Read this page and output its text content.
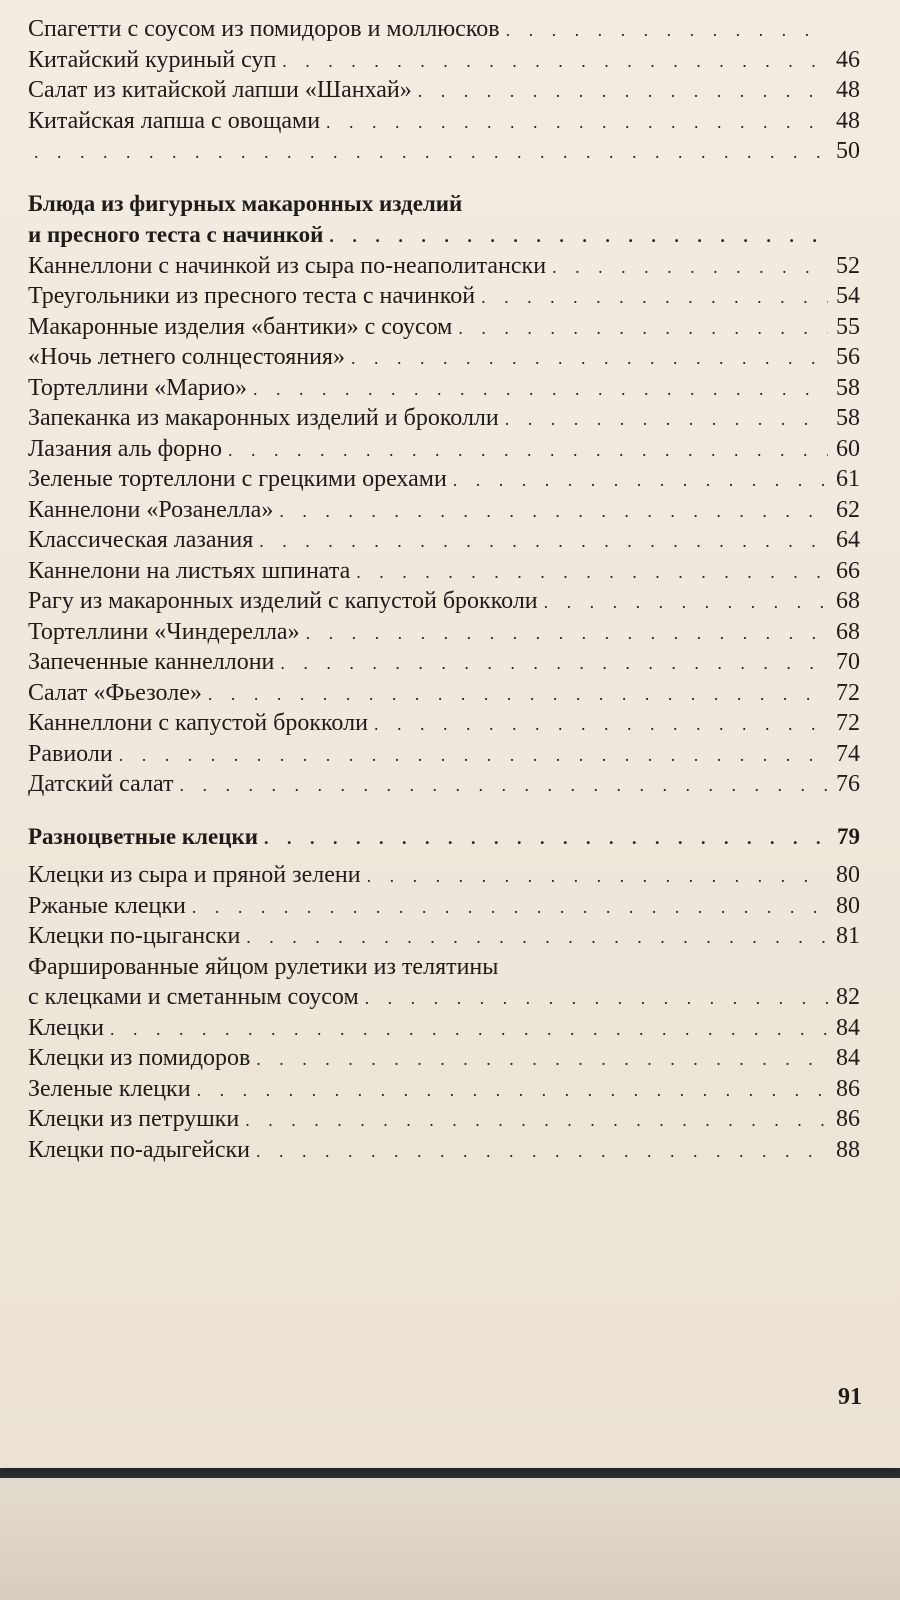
Спагетти с соусом из помидоров и моллюсков
. . .
Китайский куриный суп . . .	46
Салат из китайской лапши «Шанхай» . . .	48
Китайская лапша с овощами . . .	48
. . .
50
Блюда из фигурных макаронных изделий
и пресного теста с начинкой
. . .
Каннеллони с начинкой из сыра по-неаполитански . . .	52
Треугольники из пресного теста с начинкой . . .	54
Макаронные изделия «бантики» с соусом . . .	55
«Ночь летнего солнцестояния» . . .	56
Тортеллини «Марио» . . .	58
Запеканка из макаронных изделий и броколли . . .	58
Лазания аль форно . . .	60
Зеленые тортеллони с грецкими орехами . . .	61
Каннелони «Розанелла» . . .	62
Классическая лазания . . .	64
Каннелони на листьях шпината . . .	66
Рагу из макаронных изделий с капустой брокколи . . .	68
Тортеллини «Чиндерелла» . . .	68
Запеченные каннеллони . . .	70
Салат «Фьезоле» . . .	72
Каннеллони с капустой брокколи . . .	72
Равиоли . . .	74
Датский салат . . .	76
Разноцветные клецки . . .	79
Клецки из сыра и пряной зелени . . .	80
Ржаные клецки . . .	80
Клецки по-цыгански . . .	81
Фаршированные яйцом рулетики из телятины
с клецками и сметанным соусом . . .	82
Клецки . . .	84
Клецки из помидоров . . .	84
Зеленые клецки . . .	86
Клецки из петрушки . . .	86
Клецки по-адыгейски . . .	88
91
